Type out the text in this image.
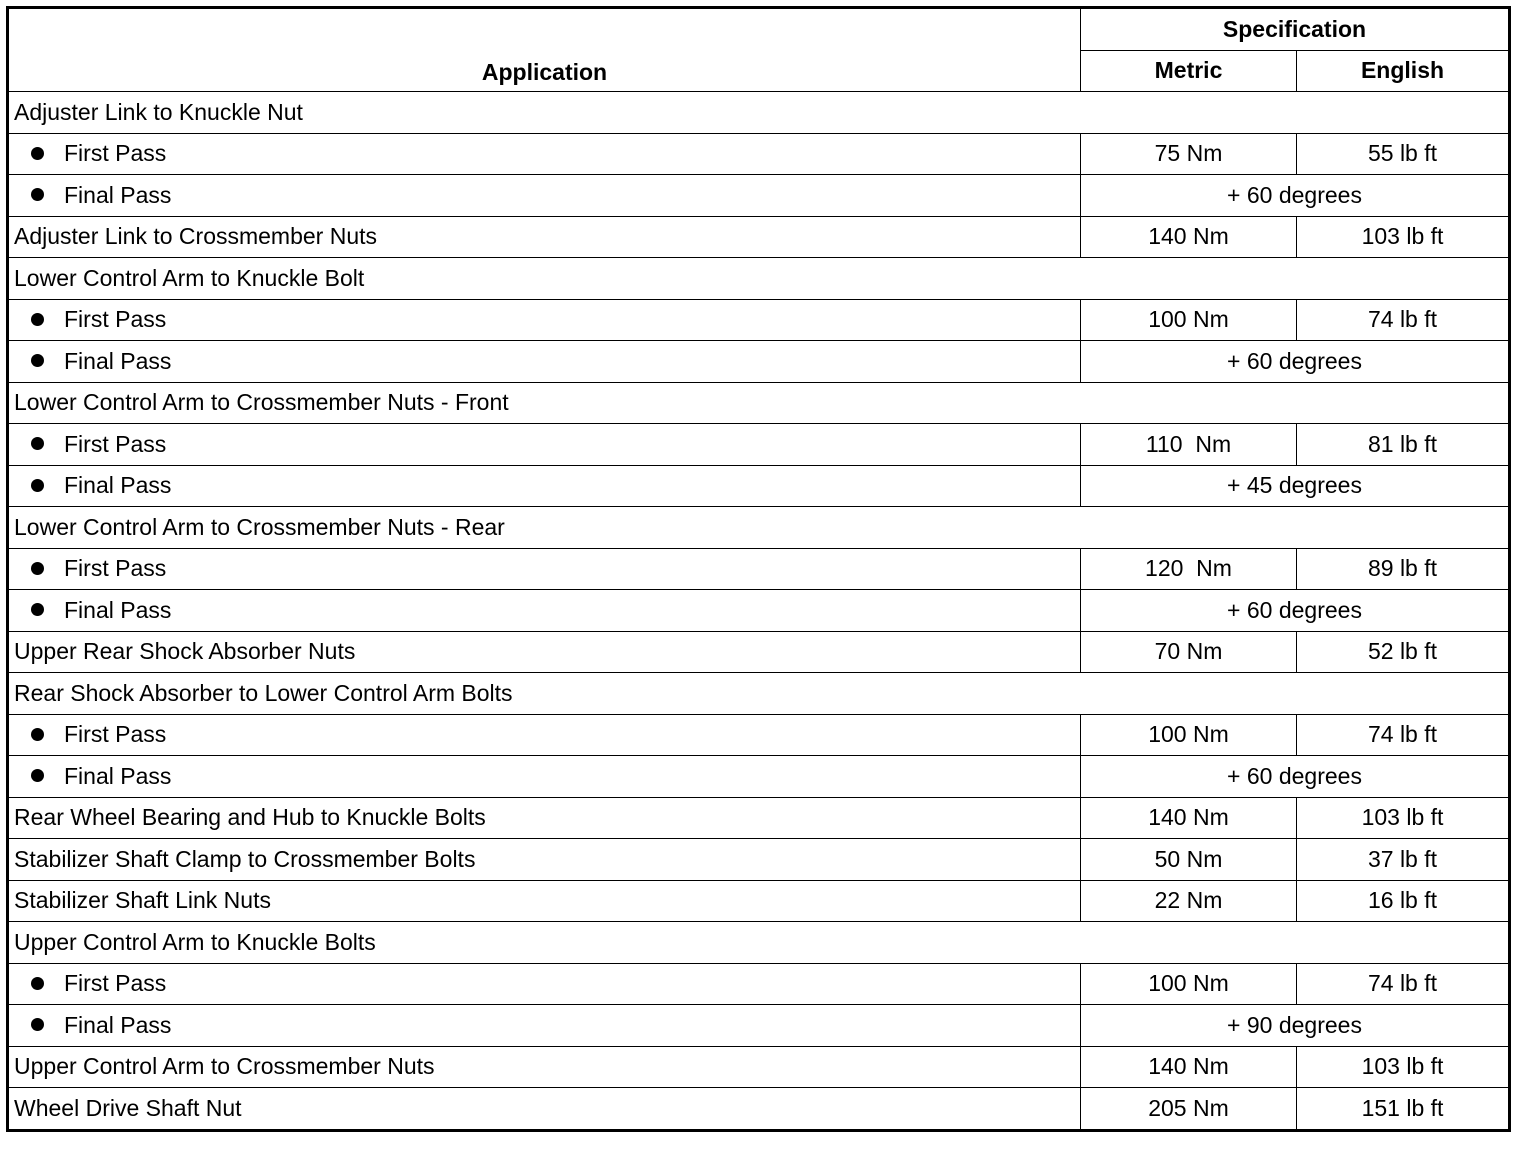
Application	Specification	
	Metric	English
Adjuster Link to Knuckle Nut		
First Pass	75 Nm	55 lb ft
Final Pass	+ 60 degrees	
Adjuster Link to Crossmember Nuts	140 Nm	103 lb ft
Lower Control Arm to Knuckle Bolt		
First Pass	100 Nm	74 lb ft
Final Pass	+ 60 degrees	
Lower Control Arm to Crossmember Nuts - Front		
First Pass	110  Nm	81 lb ft
Final Pass	+ 45 degrees	
Lower Control Arm to Crossmember Nuts - Rear		
First Pass	120  Nm	89 lb ft
Final Pass	+ 60 degrees	
Upper Rear Shock Absorber Nuts	70 Nm	52 lb ft
Rear Shock Absorber to Lower Control Arm Bolts		
First Pass	100 Nm	74 lb ft
Final Pass	+ 60 degrees	
Rear Wheel Bearing and Hub to Knuckle Bolts	140 Nm	103 lb ft
Stabilizer Shaft Clamp to Crossmember Bolts	50 Nm	37 lb ft
Stabilizer Shaft Link Nuts	22 Nm	16 lb ft
Upper Control Arm to Knuckle Bolts		
First Pass	100 Nm	74 lb ft
Final Pass	+ 90 degrees	
Upper Control Arm to Crossmember Nuts	140 Nm	103 lb ft
Wheel Drive Shaft Nut	205 Nm	151 lb ft
